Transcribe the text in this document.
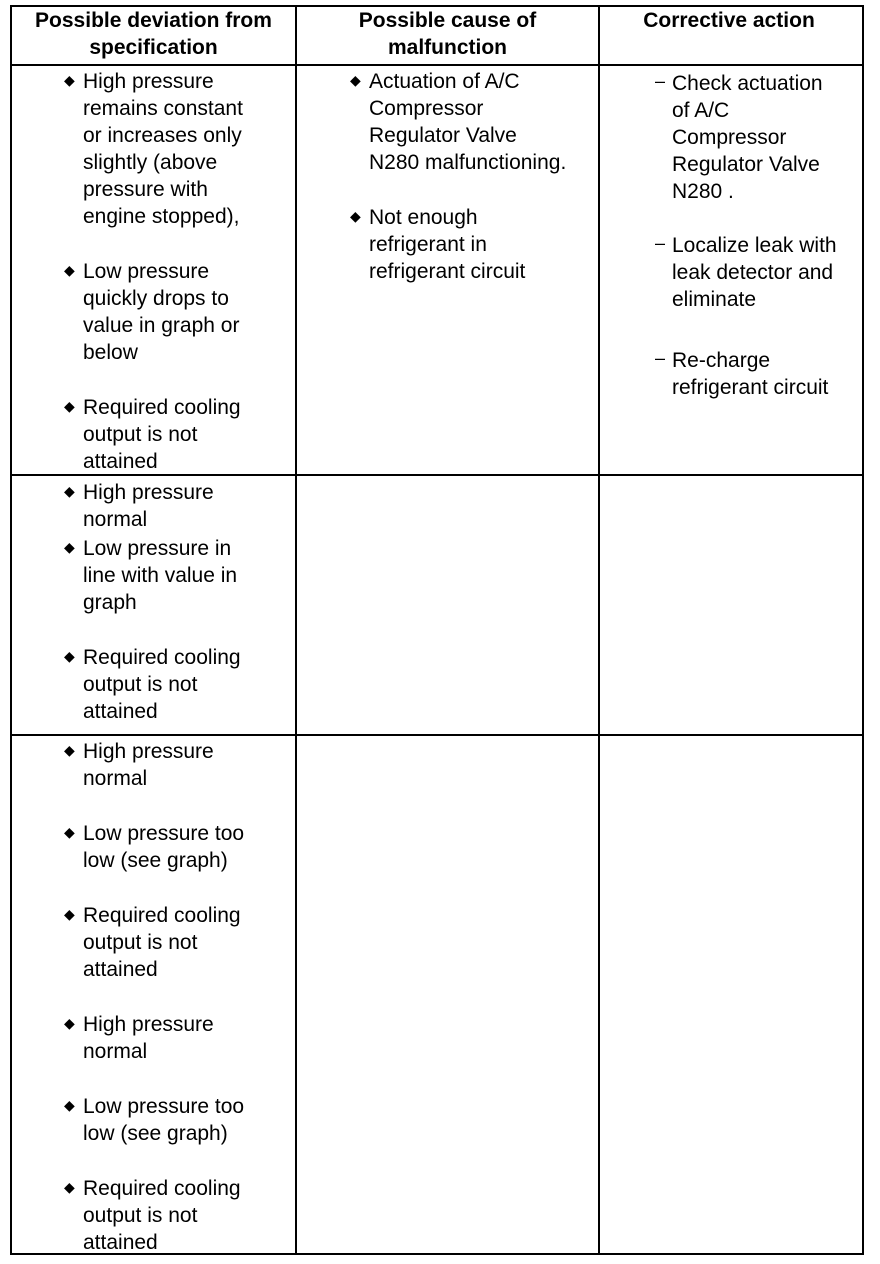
Possible deviation from
specification
Possible cause of
malfunction
Corrective action
◆ High pressure
remains constant
or increases only
slightly (above
pressure with
engine stopped),
◆ Low pressure
quickly drops to
value in graph or
below
◆ Required cooling
output is not
attained
◆ Actuation of A/C
Compressor
Regulator Valve
N280 malfunctioning.
◆ Not enough
refrigerant in
refrigerant circuit
– Check actuation
of A/C
Compressor
Regulator Valve
N280 .
– Localize leak with
leak detector and
eliminate
– Re-charge
refrigerant circuit
◆ High pressure
normal
◆ Low pressure in
line with value in
graph
◆ Required cooling
output is not
attained
◆ High pressure
normal
◆ Low pressure too
low (see graph)
◆ Required cooling
output is not
attained
◆ High pressure
normal
◆ Low pressure too
low (see graph)
◆ Required cooling
output is not
attained
